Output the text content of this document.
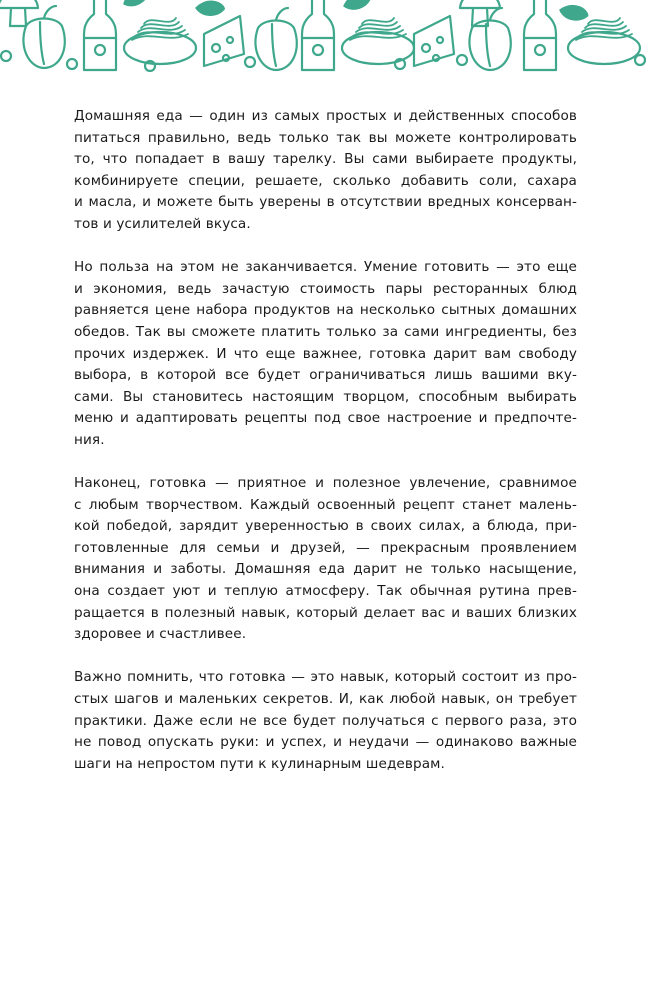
Домашняя еда — один из самых простых и действенных способов
питаться правильно, ведь только так вы можете контролировать
то, что попадает в вашу тарелку. Вы сами выбираете продукты,
комбинируете специи, решаете, сколько добавить соли, сахара
и масла, и можете быть уверены в отсутствии вредных консерван-
тов и усилителей вкуса.

Но польза на этом не заканчивается. Умение готовить — это еще
и экономия, ведь зачастую стоимость пары ресторанных блюд
равняется цене набора продуктов на несколько сытных домашних
обедов. Так вы сможете платить только за сами ингредиенты, без
прочих издержек. И что еще важнее, готовка дарит вам свободу
выбора, в которой все будет ограничиваться лишь вашими вку-
сами. Вы становитесь настоящим творцом, способным выбирать
меню и адаптировать рецепты под свое настроение и предпочте-
ния.

Наконец, готовка — приятное и полезное увлечение, сравнимое
с любым творчеством. Каждый освоенный рецепт станет малень-
кой победой, зарядит уверенностью в своих силах, а блюда, при-
готовленные для семьи и друзей, — прекрасным проявлением
внимания и заботы. Домашняя еда дарит не только насыщение,
она создает уют и теплую атмосферу. Так обычная рутина прев-
ращается в полезный навык, который делает вас и ваших близких
здоровее и счастливее.

Важно помнить, что готовка — это навык, который состоит из про-
стых шагов и маленьких секретов. И, как любой навык, он требует
практики. Даже если не все будет получаться с первого раза, это
не повод опускать руки: и успех, и неудачи — одинаково важные
шаги на непростом пути к кулинарным шедеврам.
